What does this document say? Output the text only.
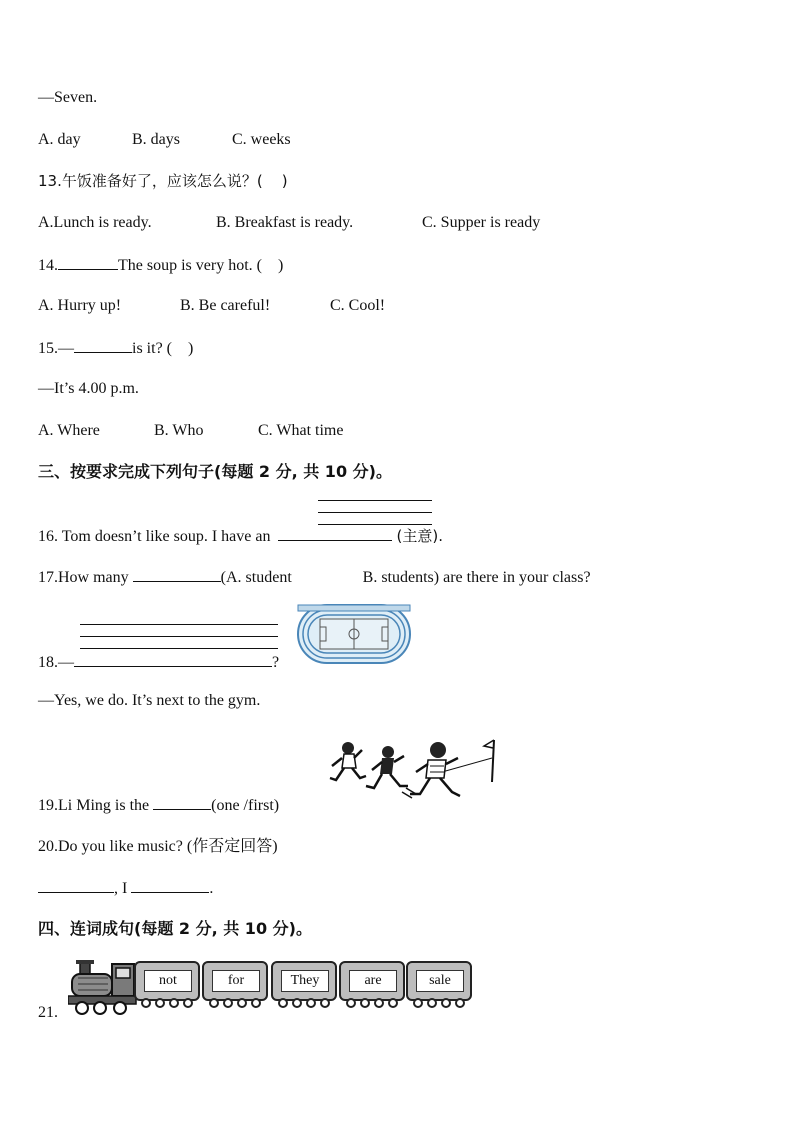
—Seven.
A. day	B. days	C. weeks
13.午饭准备好了，应该怎么说？(    )
A.Lunch is ready.	B. Breakfast is ready.	C. Supper is ready
14.	The soup is very hot. (    )
A. Hurry up!	B. Be careful!	C. Cool!
15.—	is it? (    )
—It’s 4.00 p.m.
A. Where	B. Who	C. What time
三、按要求完成下列句子(每题 2 分, 共 10 分)。
16. Tom doesn’t like soup. I have an	(主意).
17.How many	(A. student	B. students) are there in your class?
18.—	?
—Yes, we do. It’s next to the gym.
19.Li Ming is the	(one /first)
20.Do you like music? (作否定回答)
, I	.
四、连词成句(每题 2 分, 共 10 分)。
21.
not	for	They	are	sale
